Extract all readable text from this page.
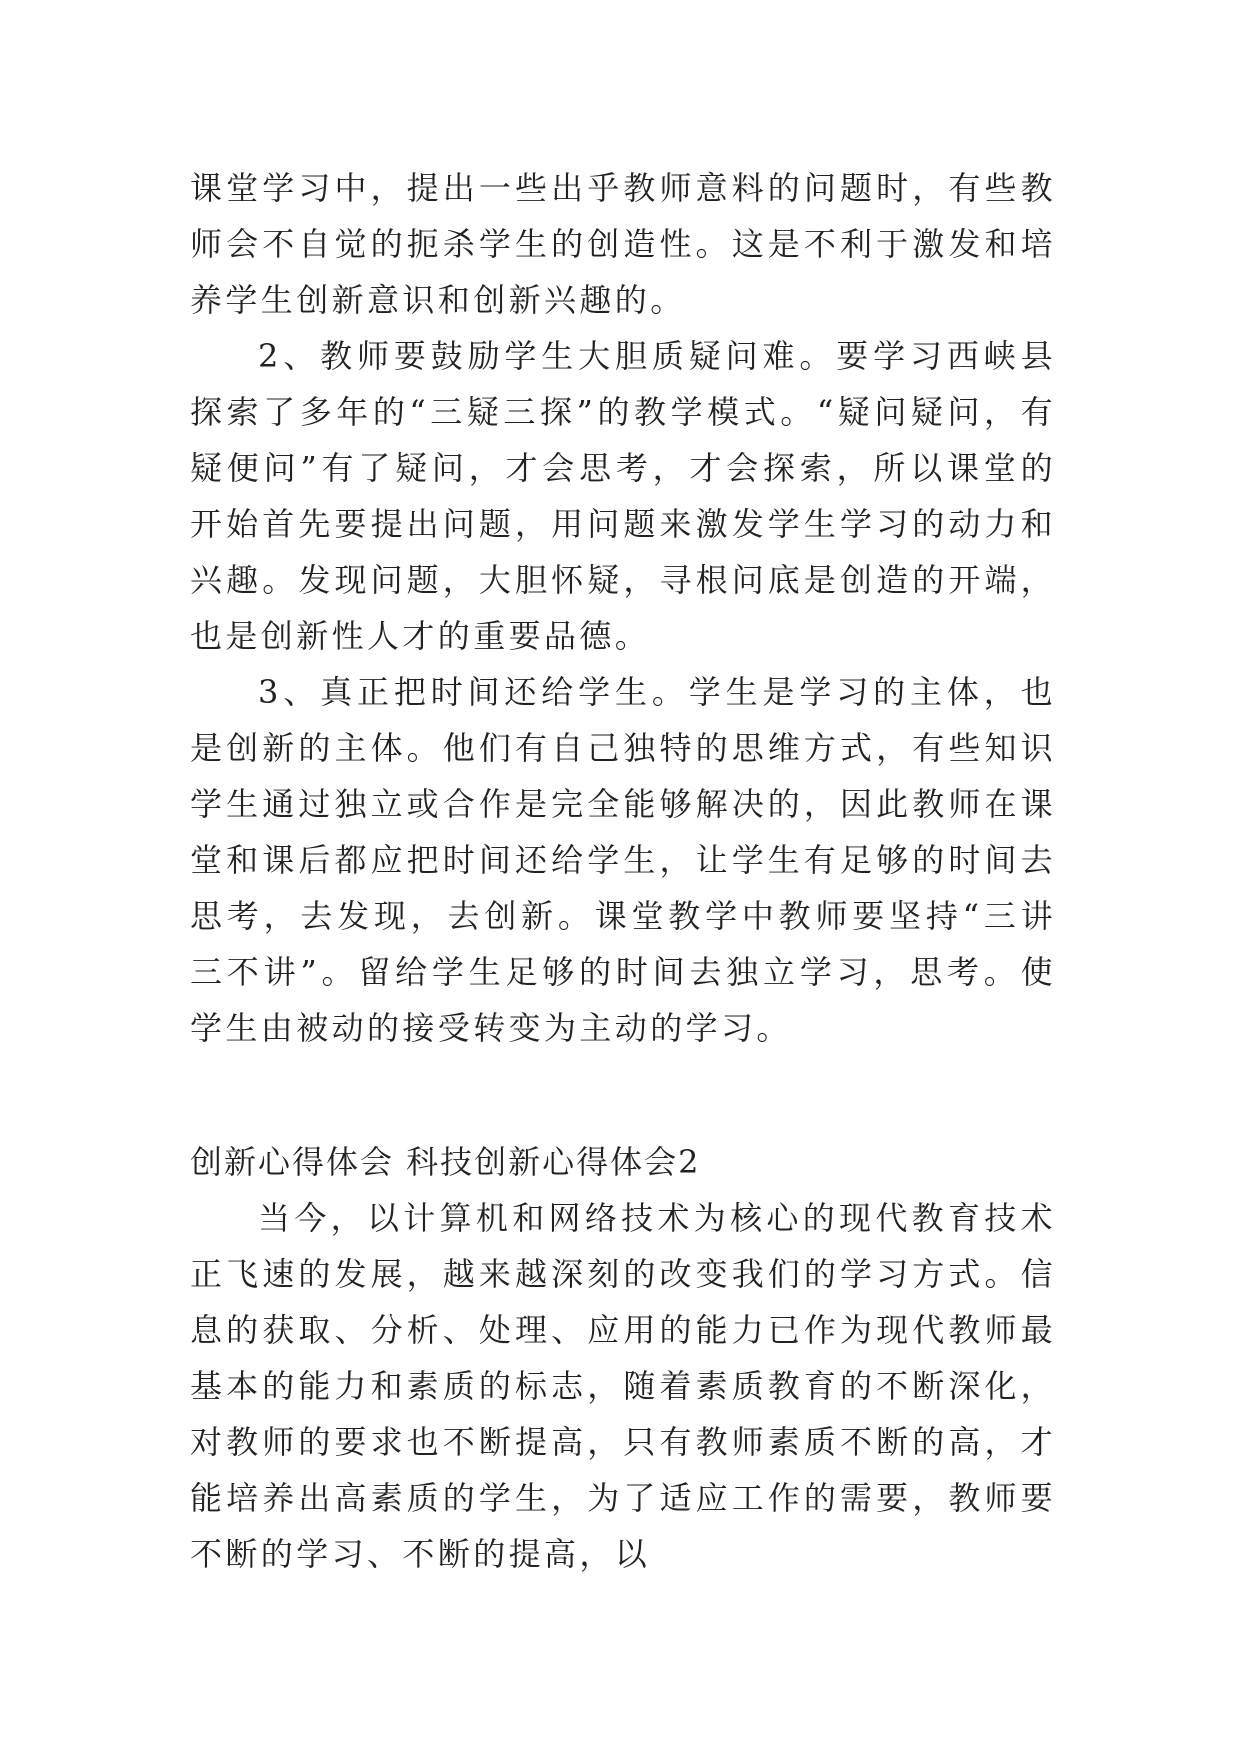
课堂学习中，提出一些出乎教师意料的问题时，有些教师会不自觉的扼杀学生的创造性。这是不利于激发和培养学生创新意识和创新兴趣的。

2、教师要鼓励学生大胆质疑问难。要学习西峡县探索了多年的“三疑三探”的教学模式。“疑问疑问，有疑便问”有了疑问，才会思考，才会探索，所以课堂的开始首先要提出问题，用问题来激发学生学习的动力和兴趣。发现问题，大胆怀疑，寻根问底是创造的开端，也是创新性人才的重要品德。

3、真正把时间还给学生。学生是学习的主体，也是创新的主体。他们有自己独特的思维方式，有些知识学生通过独立或合作是完全能够解决的，因此教师在课堂和课后都应把时间还给学生，让学生有足够的时间去思考，去发现，去创新。课堂教学中教师要坚持“三讲三不讲”。留给学生足够的时间去独立学习，思考。使学生由被动的接受转变为主动的学习。

创新心得体会 科技创新心得体会2

当今，以计算机和网络技术为核心的现代教育技术正飞速的发展，越来越深刻的改变我们的学习方式。信息的获取、分析、处理、应用的能力已作为现代教师最基本的能力和素质的标志，随着素质教育的不断深化，对教师的要求也不断提高，只有教师素质不断的高，才能培养出高素质的学生，为了适应工作的需要，教师要不断的学习、不断的提高，以
